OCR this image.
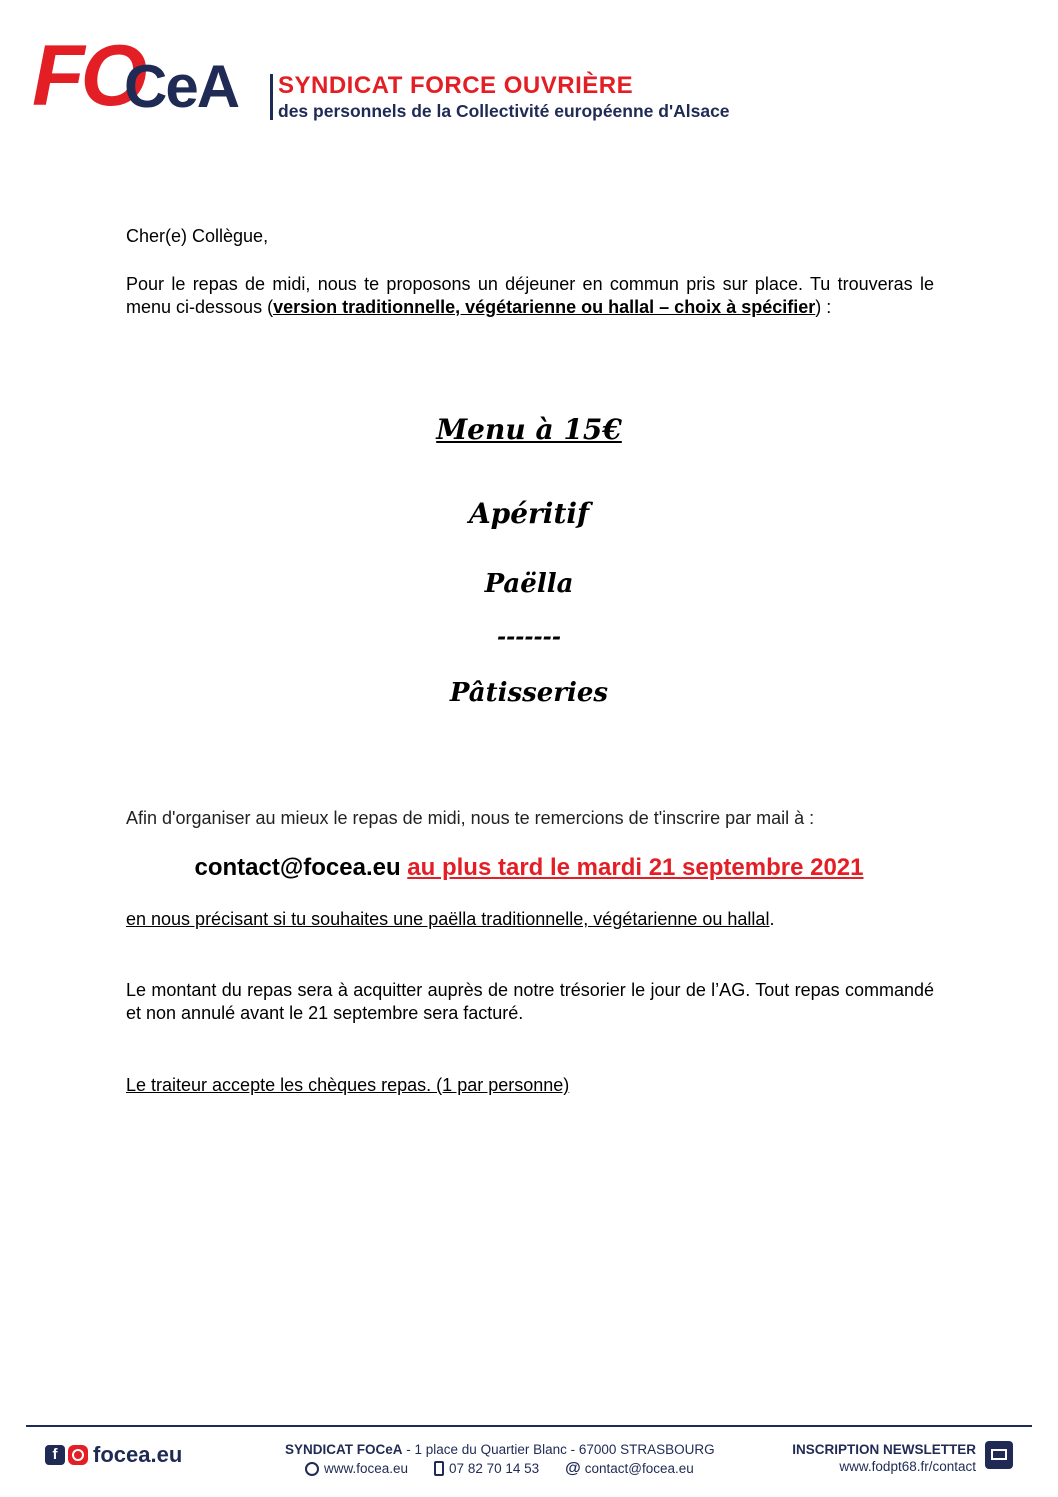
FO
CeA SYNDICAT FORCE OUVRIÈRE
des personnels de la Collectivité européenne d'Alsace
Cher(e) Collègue,
Pour le repas de midi, nous te proposons un déjeuner en commun pris sur place. Tu trouveras le menu ci-dessous (version traditionnelle, végétarienne ou hallal – choix à spécifier) :
Menu à 15€
Apéritif
Paëlla
-------
Pâtisseries
Afin d'organiser au mieux le repas de midi, nous te remercions de t'inscrire par mail à :
contact@focea.eu au plus tard le mardi 21 septembre 2021
en nous précisant si tu souhaites une paëlla traditionnelle, végétarienne ou hallal.
Le montant du repas sera à acquitter auprès de notre trésorier le jour de l’AG. Tout repas commandé et non annulé avant le 21 septembre sera facturé.
Le traiteur accepte les chèques repas. (1 par personne)
f	focea.eu	SYNDICAT FOCeA - 1 place du Quartier Blanc - 67000 STRASBOURG
www.focea.eu	07 82 70 14 53 @ contact@focea.eu
INSCRIPTION NEWSLETTER
www.fodpt68.fr/contact
